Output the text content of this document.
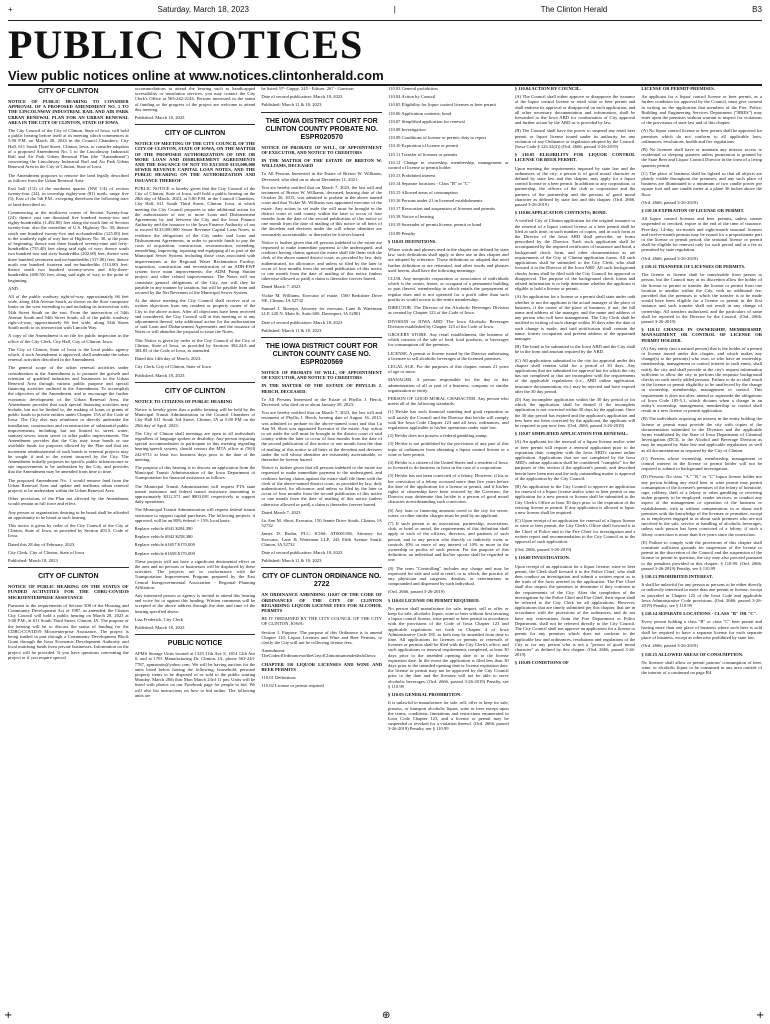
+	Saturday, March 18, 2023	|	The Clinton Herald	B3
PUBLIC NOTICES
View public notices online at www.notices.clintonherald.com
CITY OF CLINTON

NOTICE OF PUBLIC HEARING TO CONSIDER APPROVAL OF A PROPOSED AMENDMENT NO. 1 TO THE LINCOLNWAY INDUSTRIAL RAIL AND AIR PARK URBAN RENEWAL PLAN FOR AN URBAN RENEWAL AREA IN THE CITY OF CLINTON, STATE OF IOWA

The City Council of the City of Clinton, State of Iowa, will hold a public hearing before itself at its meeting which commences at 5:00 P.M. on March 28, 2023 in the Council Chambers, City Hall, 611 South Third Street, Clinton, Iowa, to consider adoption of a proposed Amendment No. 1 to the Lincolnway Industrial Rail and Air Park Urban Renewal Plan (the "Amendment") concerning the Lincolnway Industrial Rail and Air Park Urban Renewal Area in the City of Clinton, State of Iowa.

The Amendment proposes to remove the land legally described as follows from the Urban Renewal Area:

East half (1/2) of the northeast quarter (NW 1/4) of section twenty-four (24), in township eighty-one (81) north, range five (5), East of the 5th P.M., excepting therefrom the following tract of land described as:

Commencing at the northwest corner of Section Twenty-four (24); thence east one thousand five hundred twenty-two and eighty-hundredths (1,492.80) feet along the north line of Section twenty-four, also the centerline of U.S. Highway No. 30; thence south one hundred twenty-five and no-hundredths (125.00) feet to the southerly right of way line of Highway No. 30, to the point of beginning; thence east three hundred seventy-nine and forty-hundredths (735.40) feet along said right of way; thence south two hundred two and sixty-hundredths (202.60) feet; thence west three hundred seventeen and no-hundredths (317.00) feet; thence north one hundred fourteen and no-hundredths (114.00) feet; thence south two hundred seventy-seven and fifty-three-hundredths (400.50) feet, along said right of way, to the point of beginning.

AND

All of the public roadway right-of-way, approximately 66 feet wide, along 44th Avenue South, as shown on the floor composite limits on the west extending to and including its intersection with 54th Street South on the east. From the intersection of 54th Avenue South and 54th Street South, all of the public roadway right-of-way, approximately 66 feet wide, along 54th Street South north to its intersection with Lincoln Way.

A copy of the Amendment is on file for public inspection in the office of the City Clerk, City Hall, City of Clinton, Iowa.

The City of Clinton, State of Iowa is the local public agency which, if such Amendment is approved, shall undertake the urban renewal activities described in the Amendment.

The general scope of the urban renewal activities under consideration in the Amendment is to promote the growth and retention of qualified industries and businesses in the Urban Renewal Area through various public purpose and special financing activities outlined in the Amendment. To accomplish the objectives of the Amendment, and to encourage the further economic development of the Urban Renewal Area, the Amendment provides that such special financing activities may include, but not be limited to, the making of loans or grants of public funds to private entities under Chapter 15A of the Code of Iowa. The City also may reimburse or directly undertake the installation, construction and reconstruction of substantial public improvements, including, but not limited to, street, water, sanitary sewer, storm sewer or other public improvements. The Amendment provides that the City may issue bonds or use available funds for purposes allowed by the Plan and that tax increment reimbursement of such bonds or renewal projects may be sought if and to the extent incurred by the City. The Amendment initially proposes no specific public infrastructure or site improvements to be undertaken by the City, and provides that the Amendment may be amended from time to time.

The proposed Amendment No. 1 would remove land from the Urban Renewal Area and update and reaffirms urban renewal projects to be undertaken within the Urban Renewal Area.

Other provisions of the Plan not affected by the Amendment would remain in full force and effect.

Any person or organization desiring to be heard shall be afforded an opportunity to be heard at such hearing.

This notice is given by order of the City Council of the City of Clinton, State of Iowa, as provided by Section 403.5, Code of Iowa.

Dated this 28 day of February, 2023.

City Clerk, City of Clinton, State of Iowa

Published: March 18, 2023

CITY OF CLINTON

NOTICE OF PUBLIC HEARING ON THE STATUS OF FUNDED ACTIVITIES FOR THE CDBG-COVID19 MICROENTERPRISE ASSISTANCE

Pursuant to the requirements of Section 508 of the Housing and Community Development Act of 1987, as amended, the Clinton City Council will hold a public hearing on March 28, 2023 at 5:00 P.M., at 611 South Third Street, Clinton, IA. The purpose of the hearing will be to discuss the status of funding for the CDBG-COVID19 Microenterprise Assistance. The project is being funded in part through a Community Development Block Grant through the Iowa Economic Development Authority and local matching funds from private businesses. Information on the project will be provided. If you have questions concerning the project or if you require special

accommodations to attend the hearing such as handicapped accessibility or translation services, you may contact the City Clerk's Office at 563-242-2144. Persons interested in the status of funding or the progress of the project are welcome to attend this meeting.

Published: March 18, 2023

CITY OF CLINTON

NOTICE OF MEETING OF THE CITY COUNCIL OF THE CITY OF CLINTON, STATE OF IOWA, ON THE MATTER OF THE PROPOSED AUTHORIZATION OF ONE OR MORE LOAN AND DISBURSEMENT AGREEMENTS AND THE ISSUANCE OF NOT TO EXCEED $135,000,000 SEWER REVENUE CAPITAL LOAN NOTES, AND THE PUBLIC HEARING ON THE AUTHORIZATION AND ISSUANCE THEREOF

PUBLIC NOTICE is hereby given that the City Council of the City of Clinton, State of Iowa, will hold a public hearing on the 28th day of March, 2023, at 5:00 P.M. in the Council Chambers, City Hall, 611 South Third Street, Clinton, Iowa, at which meeting the City Council proposes to take additional action for the authorization of one or more Loan and Disbursement Agreements by and between the City and the Iowa Finance Authority and the issuance to the Iowa Finance Authority of not to exceed $135,000,000 Sewer Revenue Capital Loan Notes, to evidence the obligations of the City under said Loan and Disbursement Agreements, in order to provide funds to pay the costs of acquisition, construction, reconstruction, extending, remodeling, improving, repairing and equipping all or part of the Municipal Sewer System, including those costs associated with improvements at the Regional Water Reclamation Facility; acquisition, construction and reconstruction of an ADB-EWF system force main improvements; the ADM Pump Station project; and other related improvements. The Notes will not constitute general obligations of the City, nor will they be payable in any manner by taxation, but will be payable from and secured by the Net Revenues of the Municipal Sewer System.

At the above meeting the City Council shall receive oral or written objections from any resident or property owner of the City to the above action. After all objections have been received and considered, the City Council will at this meeting or at any adjournment thereof, take additional action for the authorization of said Loan and Disbursement Agreements and the issuance of Notes or will abandon the proposal to issue the Notes.

This Notice is given by order of the City Council of the City of Clinton, State of Iowa, as provided by Sections 384.24A and 384.83 of the Code of Iowa, as amended.

Dated this 14th day of March, 2023.

City Clerk, City of Clinton, State of Iowa

Published: March 18, 2023

CITY OF CLINTON

NOTICE TO CITIZENS OF PUBLIC HEARING

Notice is hereby given that a public hearing will be held by the Municipal Transit Administration in the Council Chambers of City Hall 611 South 3rd Street, Clinton, IA at 5:00 PM on the 28th day of April, 2023.

The City of Clinton shall meetings are open to all individuals regardless of language spoken or disability. Any person requiring special accommodation to participate in this meeting regarding hearing/speech system, should contact the MTA office at (563) 242-0711 at least two business days prior to the date of the meeting.

The purpose of this hearing is to discuss an application from the Municipal Transit Administration of the Iowa Department of Transportation for financial assistance as follows:

The Municipal Transit Administration will request FTA state transit assistance and federal transit assistance amounting to approximately $312,571 and $803,081 respectively to support daily operations.

The Municipal Transit Administration will request federal transit assistance to support capital purchases. The following projects, if approved, will be an 80% federal + 15% local basis:

Replace vehicle #941 $204,390

Replace vehicle #942 $258,380

Replace vehicle #1657 $170,000

Replace vehicle #1658 $170,000

These projects will not have a significant detrimental effect on the area and no persons or businesses will be displaced by these activities. The projects are in conformance with the Transportation Improvement Program prepared by the East Central Intergovernmental Association - Regional Planning Affiliation.

Any interested person or agency is invited to attend this hearing and voice for or against this funding. Written comments will be accepted at the above address through the date and time of the hearing specified above.

Lisa Frederick, City Clerk

Published: March 18, 2023

PUBLIC NOTICE

APMS Storage Units located at 1325 11th Ave S, 1814 12th Ave S, and at 1701 Manufacturing Dr. Clinton, IA, phone 563-243-7787, apmsunits@yahoo.com. We will be having auction for the units listed below having the following, household, personal property items to be disposed of or sold to the public starting Monday, March 20th thru Mon March 23rd 11 pm. Units will be listed with photos on our Facebook page for people to bid. We will also list instructions on how to bid online. The following units are

be listed: 97- Guppy, 245 - Edison, 267 - Garrison

Date of second publication: March 18, 2023

Published: March 11 & 18, 2023

THE IOWA DISTRICT COURT FOR CLINTON COUNTY PROBATE NO. ESPR020570

NOTICE OF PROBATE OF WILL, OF APPOINTMENT OF EXECUTOR, AND NOTICE TO CREDITORS

IN THE MATTER OF THE ESTATE OF BRETON W. WILLIAMS, DECEASED

To All Persons Interested in the Estate of Breton W. Williams, Deceased, who died on or about December 11, 2021:

You are hereby notified that on March 7, 2023, the last will and testament of Breton W. Williams, deceased, bearing date of the October 26, 2015, was admitted to probate in the above named court and that Vickie M. Williams was appointed executor of the estate. Any action to set aside the will must be brought in the district court of said county within the later to occur of four months from the date of the second publication of this notice or one month from the date of mailing of this notice to all heirs of the decedent and devisees under the will whose identities are reasonably ascertainable, or thereafter be forever barred.

Notice is further given that all persons indebted to the estate are requested to make immediate payment to the undersigned, and creditors having claims against the estate shall file them with the clerk of the above named district court, as provided by law, duly authenticated, for allowance, and unless so filed by the later to occur of four months from the second publication of this notice or one month from the date of mailing of this notice (unless otherwise allowed or paid) a claim is thereafter forever barred.

Dated March 7, 2023

Vickie M. Williams, Executor of estate, 1560 Berkshire Drive NE, Clinton, IA 52732

Samuel J. Skorepa, Attorney for executor, Lane & Waterman LLP, 220 N. Main St, Suite 600, Davenport, IA 52801

Date of second publication: March 18, 2023

Published: March 11 & 18, 2023

THE IOWA DISTRICT COURT FOR CLINTON COUNTY CASE NO. ESPR020569

NOTICE OF PROBATE OF WILL, OF APPOINTMENT OF EXECUTOR, AND NOTICE TO CREDITORS

IN THE MATTER OF THE ESTATE OF PHYLLIS J. HERCH, DECEASED.

To All Persons Interested in the Estate of Phyllis J. Herch, Deceased, who died on or about January 29, 2023:

You are hereby notified that on March 7, 2023, the last will and testament of Phyllis J. Herch, bearing date of August 16, 2013, was admitted to probate in the above-named court and that Lu Ann M. Short was appointed Executor of the estate. Any action to set aside the will must be brought in the district court of said county within the later to occur of four months from the date of the second publication of this notice or one month from the date of mailing of this notice to all heirs of the decedent and devisees under the will whose identities are reasonably ascertainable, or thereafter be forever barred.

Notice is further given that all persons indebted to the estate are requested to make immediate payment to the undersigned, and creditors having claims against the estate shall file them with the clerk of the above-named district court, as provided by law, duly authenticated, for allowance, and unless so filed by the later to occur of four months from the second publication of this notice or one month from the date of mailing of this notice (unless otherwise allowed or paid) a claim is thereafter forever barred.

Dated March 7, 2023

Lu Ann M. Short, Executor, 150 Jennie Drive South, Clinton, IA 52732

James D. Bruhn, PLC, ICIS#: AT0001186, Attorney for Executor, Lane & Waterman LLP, 243 Fifth Avenue South, Clinton, IA 52732

Date of second publication: March 18, 2023

Published: March 11 & 18, 2023

CITY OF CLINTON ORDINANCE NO. 2722

AN ORDINANCE AMENDING 110.07 OF THE CODE OF ORDINANCES OF THE CITY OF CLINTON REGARDING LIQUOR LICENSE FEES FOR ALCOHOL PERMITS

BE IT ORDAINED BY THE CITY COUNCIL OF THE CITY OF CLINTON, IOWA:

Section 1. Purpose. The purpose of this Ordinance is to amend Chapter 110, Liquor Licenses and Wine and Beer Permits, to clarify the City will not be collecting license fees.

Amendment: TheCodeofOrdinancesoftheCityofClintonisamendedasfollows:

CHAPTER 110 LIQUOR LICENSES AND WINE AND BEER PERMITS

110.01 Definitions

110.02 License or permit required

110.03 General prohibition

110.04 Action by Council

110.05 Eligibility for liquor control licenses or beer permit

110.06 Application contents; bond

110.07 Simplified application for renewal

110.08 Investigation

110.09 Conditions of license or permit; duty to report

110.10 Expiration of license or permit

110.11 Transfer of licenses or permits

110.12 Change in ownership, membership, management or control of license or permit holder

110.13 Prohibited interest

110.14 Separate locations - Class "B" or "C"

110.15 Allowed areas of consumption

110.16 Persons under 21 in licensed establishments

110.17 Revocation and suspension of licenses and permits

110.18 Notice of hearing

110.19 Surrender of permit license, permit or bond

110.99 Penalty

§ 110.01 DEFINITIONS.

Where words and phrases used in the chapter are defined by state law, such definitions shall apply to their use in this chapter and are adopted by reference. Those definitions so adopted that need further definition or are reiterated, and other words and phrases used herein, shall have the following meanings:

CLUB. Any nonprofit corporation or association of individuals which is the owner, lessee, or occupant of a permanent building or part thereof, membership in which entails the prepayment of regular dues and is not operated for a profit other than such profits as would accrue to the entire membership.

DIRECTOR. The Director of the Alcoholic Beverages Division as created by Chapter 123 of the Code of Iowa.

DIVISION or IOWA ABD. The Iowa Alcoholic Beverages Division established by Chapter 123 of the Code of Iowa.

GROCERY STORE. Any retail establishment, the business of which consists of the sale of food, food products, or beverages for consumption off the premises.

LICENSE. A permit or license issued by the Director authorizing a licensee to sell alcoholic beverages at the licensed premises.

LEGAL AGE. For the purposes of this chapter, means 21 years of age or more.

MANAGER. A person responsible for the day to day administration of all or part of a business, company or similar organization or entity.

PERSON OF GOOD MORAL CHARACTER. Any person who meets all of the following standards:

(1) He/she has such financial standing and good reputation as will satisfy the Council and the Director that he/she will comply with the Iowa Code Chapter 123 and all laws, ordinances, and regulations applicable to his/her operations under state law.

(2) He/she does not possess a federal gambling stamp.

(3) He/she is not prohibited by the provisions of any part of this topic of ordinances from obtaining a liquor control license or a wine or beer permit.

(4) He/she is a citizen of the United States and a resident of Iowa, or licensed to do business in Iowa in the case of a corporation.

(5) He/she has not been convicted of a felony. However, if his or her conviction of a felony occurred more than five years before the date of the application for a license or permit, and if his/her rights of citizenship have been restored by the Governor, the Director may determine that he/she is a person of good moral character notwithstanding such conviction.

(6) Any loan or financing amounts owed to the city for sewer, water, or other similar charges must be paid by an applicant.

(7) If such person is an association, partnership, association, club, or hotel or motel, the requirements of this definition shall apply to each of the officers, directors, and partners of such person, and to any person who directly or indirectly owns or controls 10% or more of any interest of 10% or more in the ownership or profits of such person. For the purpose of this definition, an individual and his/her spouse shall be regarded as one.

(8) The term "Controlling" includes any charge and may be expressed for sale and sold at retail, or to which, the practice of any physician and surgeons, dentists, or veterinarians as compounded and dispensed by such individual.

(Ord. 2666, passed 3-26-2019)

§ 110.02 LICENSE OR PERMIT REQUIRED.

No person shall manufacture for sale, import, sell or offer or keep for sale, alcoholic liquor, wine or beer without first securing a liquor control license, wine permit or beer permit in accordance with the provisions of the Code of Iowa Chapter 123 and applicable regulations set forth in Chapter 4 of Iowa Administrative Code 185, as both may be amended from time to time. All applications for licenses or permits or renewals of licenses or permits shall be filed with the City Clerk's office, and such applications or renewal requirements completed, at least 30 days prior to the intended opening date or to the license expiration date. In the event the application is filed less than 30 days prior to the intended opening date or license expiration date, the license or permit may not be approved by the City Council prior to the date and the licensee will not be able to serve alcoholic beverages. (Ord. 2666, passed 3-26-2019) Penalty, see § 110.99

§ 110.03 GENERAL PROHIBITION.

It is unlawful to manufacture for sale, sell, offer or keep for sale, possess, or transport alcoholic liquor, wine or beer except upon the terms, conditions, limitations and restrictions enumerated in Iowa Code Chapter 123, and a license or permit may be suspended or revoked for a violation thereof. (Ord. 2666, passed 3-26-2019) Penalty, see § 110.99

§ 110.04 ACTION BY COUNCIL.

(A) The Council shall either approve or disapprove the issuance of the liquor control license or retail wine or beer permit and shall endorse its approval or disapproval on each application, and all other necessary documentation and information, shall be forwarded to the Iowa ABD for confirmation of City approval and further action by the ABD as is provided by law.

(B) The Council shall have the power to suspend any retail beer permit or liquor license issued under its authority for any violation of any Ordinance or regulation adopted by the Council. (Iowa Code § 123.32(2)) (Ord. 2666, passed 3-26-2019)

§ 110.05 ELIGIBILITY FOR LIQUOR CONTROL LICENSE OR BEER PERMIT.

Upon meeting the requirements imposed by state law and the ordinances of the city, a person is of good moral character as defined by state law and this chapter, may apply for a liquor control license or a beer permit. In addition to any corporation, or partnership, the officers of the club or corporation and the partners of the partnership and the persons of good moral character as defined by state law and this chapter. (Ord. 2666, passed 3-26-2019)

§ 110.06 APPLICATION CONTENTS; BOND.

A verified City of Clinton application for the original issuance or the renewal of a liquor control license or a beer permit shall be filed at such time, in such number of copies, and in such form as the Director of the Iowa ABD shall prescribe, on forms prescribed by the Director. Each such application shall be accompanied by the required certificates of insurance and bond, a background check form, and other documentation as are requirements of the City of Clinton application forms. All such applications shall be submitted to the City Clerk, who shall forward it to the Director of the Iowa ABD. All such background checks forms shall be filed with the City Council for approval or disapproval. The purpose of the background check forms and related information is to help determine whether the applicant is eligible to hold a license or permit.

(A) An application for a license or a permit shall state under oath whether or not the applicant is the actual manager of the place of business, if the owner of the place of business, if not, the full name and address of the manager, and the name and address of any person who will have management. The City Clerk shall be notified in writing of such change within 10 days after the date of such change is made, and said notification shall contain the name, former occupation and present address of the appointed manager.

(B) The bond to be submitted to the Iowa ABD and the City shall be in the form and amount required by the ABD.

(C) All applications submitted to the city for approval under this chapter shall remain valid for a period of 30 days. Any applications that are submitted for approval but for which the city has not completed or that are incomplete with the requirements of the applicable regulations (i.e., ABD online application, insurance documentation, etc.) may be rejected and have expired after the 30 day period.

(D) Any incomplete application within the 30 day period or for which the application shall be denied if the incomplete application is not corrected within 30 days by the applicant. Once the 30 day period has expired and the applicant's application and fees have not been corrected by the applicant, the applicant will be required to pay new fees. (Ord. 2666, passed 3-26-2019)

§ 110.07 SIMPLIFIED APPLICATION FOR RENEWAL.

(A) An applicant for the renewal of a liquor license and/or wine or beer permit will require a renewal application prior to the expiration date, complete with the Iowa ABD's current online application. Applications that are not completed by the Iowa ABD's online application shall be considered "complete" for the purposes of this section if the applicant's permit, and described herein have been met and the only outstanding matter is approval of the application by the City Council.

(B) An application to the City Council to approve an application for renewal of a liquor license and/or wine or beer permit or any application for a new permit or license shall be submitted to the City Clerk's Office at least 30 days prior to the expiration of the existing license or permit. If any application is allowed to lapse, a new license shall be required.

(C) Upon receipt of an application for renewal of a liquor license or wine or beer permit, the City Clerk's Office shall forward it to the Chief of Police and to the Fire Chief for investigation and a written report and recommendation to the City Council as to the approval of such application.

(Ord. 2666, passed 3-26-2019)

§ 110.08 INVESTIGATION.

Upon receipt of an application for a liquor license, wine or beer permit, the Clerk shall forward it to the Police Chief, who shall then conduct an investigation and submit a written report as to the truth of the facts averred in the application. The Fire Chief shall also inspect the premises to determine if they conform to the requirements of the City. After the completion of the investigation by the Police Chief and Fire Chief, their report shall be referred to the City Clerk for all applications. However, applications that are timely submitted per this chapter, that are in accordance with the provisions of the ordinances, and do not have any reservations from the Fire Department or Police Department, shall not be referred directly to the City Council. The City Council shall not approve an application for a license or permit for any premises which does not conform to the applicable law and ordinances, resolutions and regulations of the City or for any person who is not a "person of good moral character" as defined by this chapter. (Ord. 2666, passed 3-26-2019)

§ 110.09 CONDITIONS OF

LICENSE OR PERMIT-PREMISES.

An applicant for a liquor control license or beer permit, as a further condition for approval by the Council, must give consent in writing on the application that members of the Fire, Police, Building and Engineering Services Department ("BRES") may enter upon the premises without warrant to inspect for violations of the provisions of state law and of this chapter.

(A) No liquor control license or beer permit shall be approved for premises which do not conform to all applicable laws, ordinances, resolutions, health and fire regulations.

(B) No licensee shall have or maintain any interior access to residential or sleeping quarters unless permission is granted by the State Beer and Liquor Control Director in the form of a living quarters permit.

(C) The place of business shall be lighted so that all objects are plainly visible throughout the premises, and any such place of business are illuminated to a minimum of two candle power per square foot and one candle meter at a plane 36 inches above the floor.

(Ord. 2666, passed 3-26-2019)

§ 110.10 EXPIRATION OF LICENSE OR PERMIT.

All liquor control licenses and beer permits, unless sooner suspended or revoked, expire at the end of the time of issuance. Five-day, 14-day, six-month and eight-month seasonal licenses and twelve-month permits may be issued for a proportionate part of the license or permit period, the seasonal license or permit shall be eligible for renewal only for such period and at a fee as permitted by state regulation.

(Ord. 2666, passed 3-26-2019)

§ 110.11 TRANSFER OF LICENSES OR PERMITS.

The license or license shall be transferable from person to person, but the Council may at its discretion allow the holder of the license or permit to transfer the license or permit from one location to another within the City, with no additional fee, provided that the premises to which the transfer is to be made would have been eligible for a license or permit in the first instance and such transfer shall not result in any change of ownership. All transfers authorized, and the particulars of same shall be reported to the Director by the Council. (Ord. 2666, passed 3-26-2019)

§ 110.12 CHANGE IN OWNERSHIP, MEMBERSHIP, MANAGEMENT OR CONTROL OF LICENSE OR PERMIT HOLDER.

(A) Any entity (not a natural person) that is the holder of a permit or license issued under this chapter, and which makes any change(s) to the person(s) who own, or who have an ownership, membership, management or control interest in such entity, shall notify the city and shall provide at the city's request information sufficient to allow the city to perform the requisite background checks on such newly added persons. Failure to do so shall result in the license or permit eligibility to be unaffected by the change in ownership, membership, management or control. This requirement is does not alter, amend or supersede the obligations of Iowa Code 185-5.1, which dictates when a change in an entity's ownership, management, membership or control shall result in a new license or permit application.

(B) The individuals acquiring an interest in the entity holding the license or permit must provide the city with copies of the documentation submitted to the Division and the applicable forms established by the State of Iowa Department of Criminal Investigation (DCI), to the Alcohol and Beverage Division as may be required by State law and applicable regulations as well as all documentation as required by the City of Clinton.

(C) Persons whose ownership, membership, management or control interest in the license or permit holder will not be required to submit to background investigation.

(D) Persons: No class "A," "B," or "C" liquor license holder nor any person holding any retail beer or wine permit may permit consumption of the licensee's premises of the felony of homicide, rape, robbery, theft of a felony or other gambling or receiving stolen property to be employed, render services, or conduct any aspect of the management or operation of the business or establishment, with or without compensation, in or about such premises with the knowledge of the licensee or permittee, except as to employees engaged in or about such premises who are not involved in the sale, service or handling of alcoholic beverages, unless such person has been convicted of a felony, if such a felony conviction is more than five years since the conviction.

(E) Failure to comply with the provisions of this chapter shall constitute sufficient grounds for suspension of the license or permit in the discretion of the Council and the suspension of the license or permit in question, the city may also proceed pursuant to the penalties provided in this chapter, § 110.99. (Ord. 2666, passed 3-26-2019) Penalty, see § 110.99

§ 110.13 PROHIBITED INTEREST.

It shall be unlawful for any person or persons to be either directly or indirectly interested in more than one permit or license, except as provided in Chapter 123 of the Iowa Code and applicable Iowa Administrative Code provisions. (Ord. 2666, passed 3-26-2019) Penalty, see § 110.99

§ 110.14 SEPARATE LOCATIONS - CLASS "B" OR "C".

Every person holding a class "B" or class "C" beer permit and having more than one place of business where such beer is sold shall be required to have a separate license for each separate place of business, except as otherwise prohibited by state law.

(Ord. 2666, passed 3-26-2019)

§ 110.15 ALLOWED AREAS OF CONSUMPTION.

No licensee shall allow or permit patrons' consumption of beer, wine, or alcoholic liquor to be consumed in any area outside of the interior of a continued on page B4

+	⊕	+
